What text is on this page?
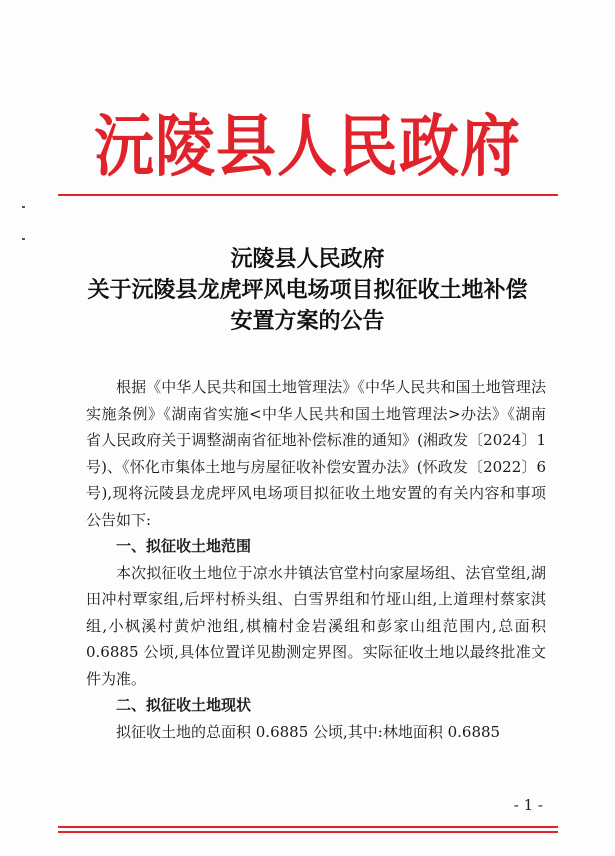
沅陵县人民政府
沅陵县人民政府
关于沅陵县龙虎坪风电场项目拟征收土地补偿
安置方案的公告

根据《中华人民共和国土地管理法》《中华人民共和国土地管理法实施条例》《湖南省实施<中华人民共和国土地管理法>办法》《湖南省人民政府关于调整湖南省征地补偿标准的通知》(湘政发〔2024〕1号)、《怀化市集体土地与房屋征收补偿安置办法》(怀政发〔2022〕6号),现将沅陵县龙虎坪风电场项目拟征收土地安置的有关内容和事项公告如下:

一、拟征收土地范围

本次拟征收土地位于凉水井镇法官堂村向家屋场组、法官堂组,湖田冲村覃家组,后坪村桥头组、白雪界组和竹垭山组,上道理村蔡家淇组,小枫溪村黄炉池组,棋楠村金岩溪组和彭家山组范围内,总面积 0.6885 公顷,具体位置详见勘测定界图。实际征收土地以最终批准文件为准。

二、拟征收土地现状

拟征收土地的总面积 0.6885 公顷,其中:林地面积 0.6885

- 1 -
